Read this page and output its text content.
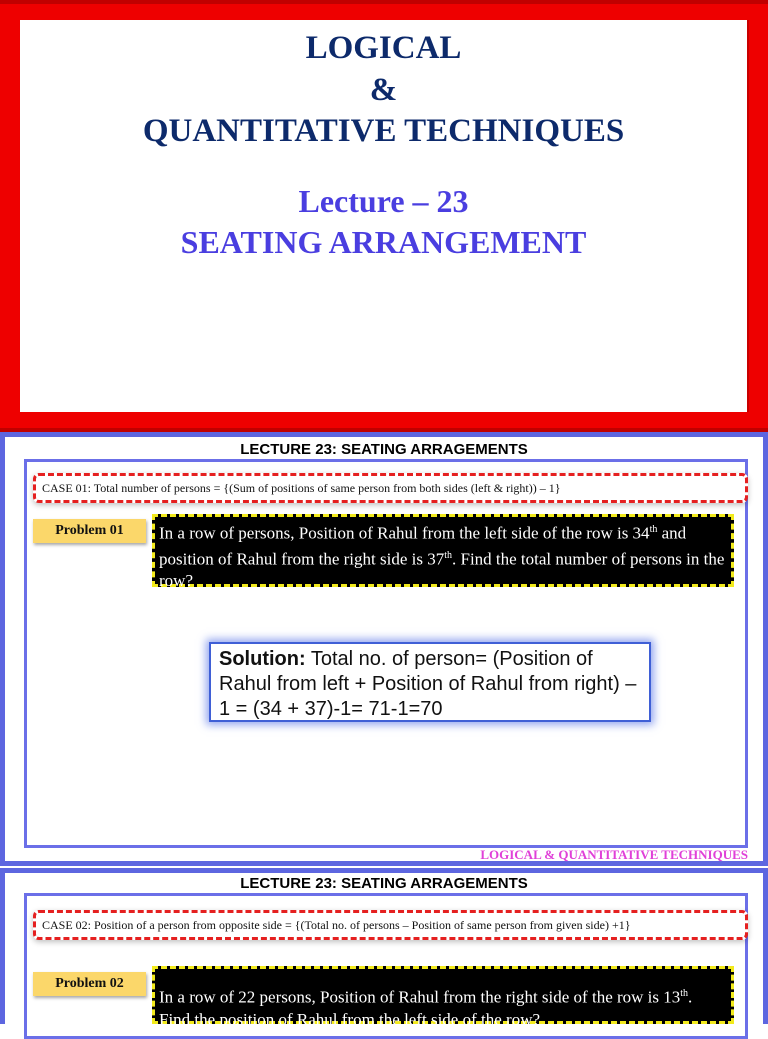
LOGICAL
&
QUANTITATIVE TECHNIQUES
Lecture – 23
SEATING ARRANGEMENT
LECTURE 23: SEATING ARRAGEMENTS
CASE 01: Total number of persons = {(Sum of positions of same person from both sides (left & right)) – 1}
Problem 01	In a row of persons, Position of Rahul from the left side of the row is 34th and position of Rahul from the right side is 37th. Find the total number of persons in the row?
Solution: Total no. of person= (Position of Rahul from left + Position of Rahul from right) – 1 = (34 + 37)-1= 71-1=70
LOGICAL & QUANTITATIVE TECHNIQUES
LECTURE 23: SEATING ARRAGEMENTS
CASE 02: Position of a person from opposite side = {(Total no. of persons – Position of same person from given side) +1}
Problem 02
In a row of 22 persons, Position of Rahul from the right side of the row is 13th. Find the position of Rahul from the left side of the row?
